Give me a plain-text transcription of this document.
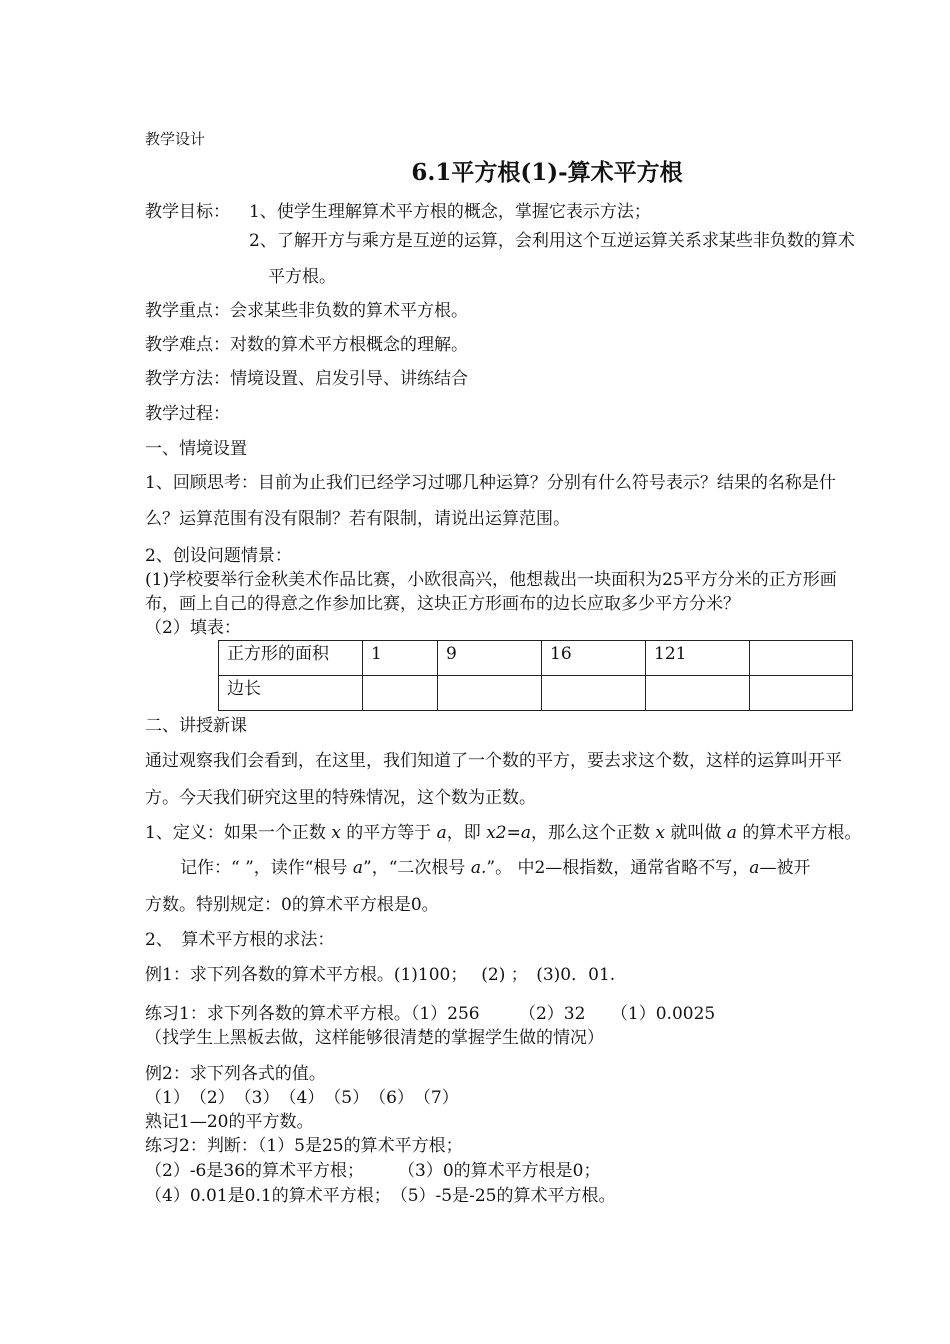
教学设计
6.1平方根(1)-算术平方根
教学目标： 1、使学生理解算术平方根的概念，掌握它表示方法；
2、了解开方与乘方是互逆的运算，会利用这个互逆运算关系求某些非负数的算术
平方根。
教学重点：会求某些非负数的算术平方根。
教学难点：对数的算术平方根概念的理解。
教学方法：情境设置、启发引导、讲练结合
教学过程：
一、情境设置
1、回顾思考：目前为止我们已经学习过哪几种运算？分别有什么符号表示？结果的名称是什
么？运算范围有没有限制？若有限制，请说出运算范围。
2、创设问题情景：
(1)学校要举行金秋美术作品比赛，小欧很高兴，他想裁出一块面积为25平方分米的正方形画
布，画上自己的得意之作参加比赛，这块正方形画布的边长应取多少平方分米？
（2）填表：
正方形的面积	1	9	16	121	
边长					
二、讲授新课
通过观察我们会看到，在这里，我们知道了一个数的平方，要去求这个数，这样的运算叫开平
方。今天我们研究这里的特殊情况，这个数为正数。
1、定义：如果一个正数 x 的平方等于 a，即 x2=a，那么这个正数 x 就叫做 a 的算术平方根。
记作：“ ”，读作“根号 a”，“二次根号 a.”。 中2—根指数，通常省略不写，a—被开
方数。特别规定：0的算术平方根是0。
2、　算术平方根的求法：
例1：求下列各数的算术平方根。(1)100；　 (2) ；　(3)0．01.
练习1：求下列各数的算术平方根。（1）256　　 （2）32　　（1）0.0025
（找学生上黑板去做，这样能够很清楚的掌握学生做的情况）
例2：求下列各式的值。
（1）　（2）　（3）　（4）　（5）　（6）　（7）
熟记1—20的平方数。
练习2：判断：（1）5是25的算术平方根；
（2）-6是36的算术平方根；　　　（3）0的算术平方根是0；
（4）0.01是0.1的算术平方根；　（5）-5是-25的算术平方根。
